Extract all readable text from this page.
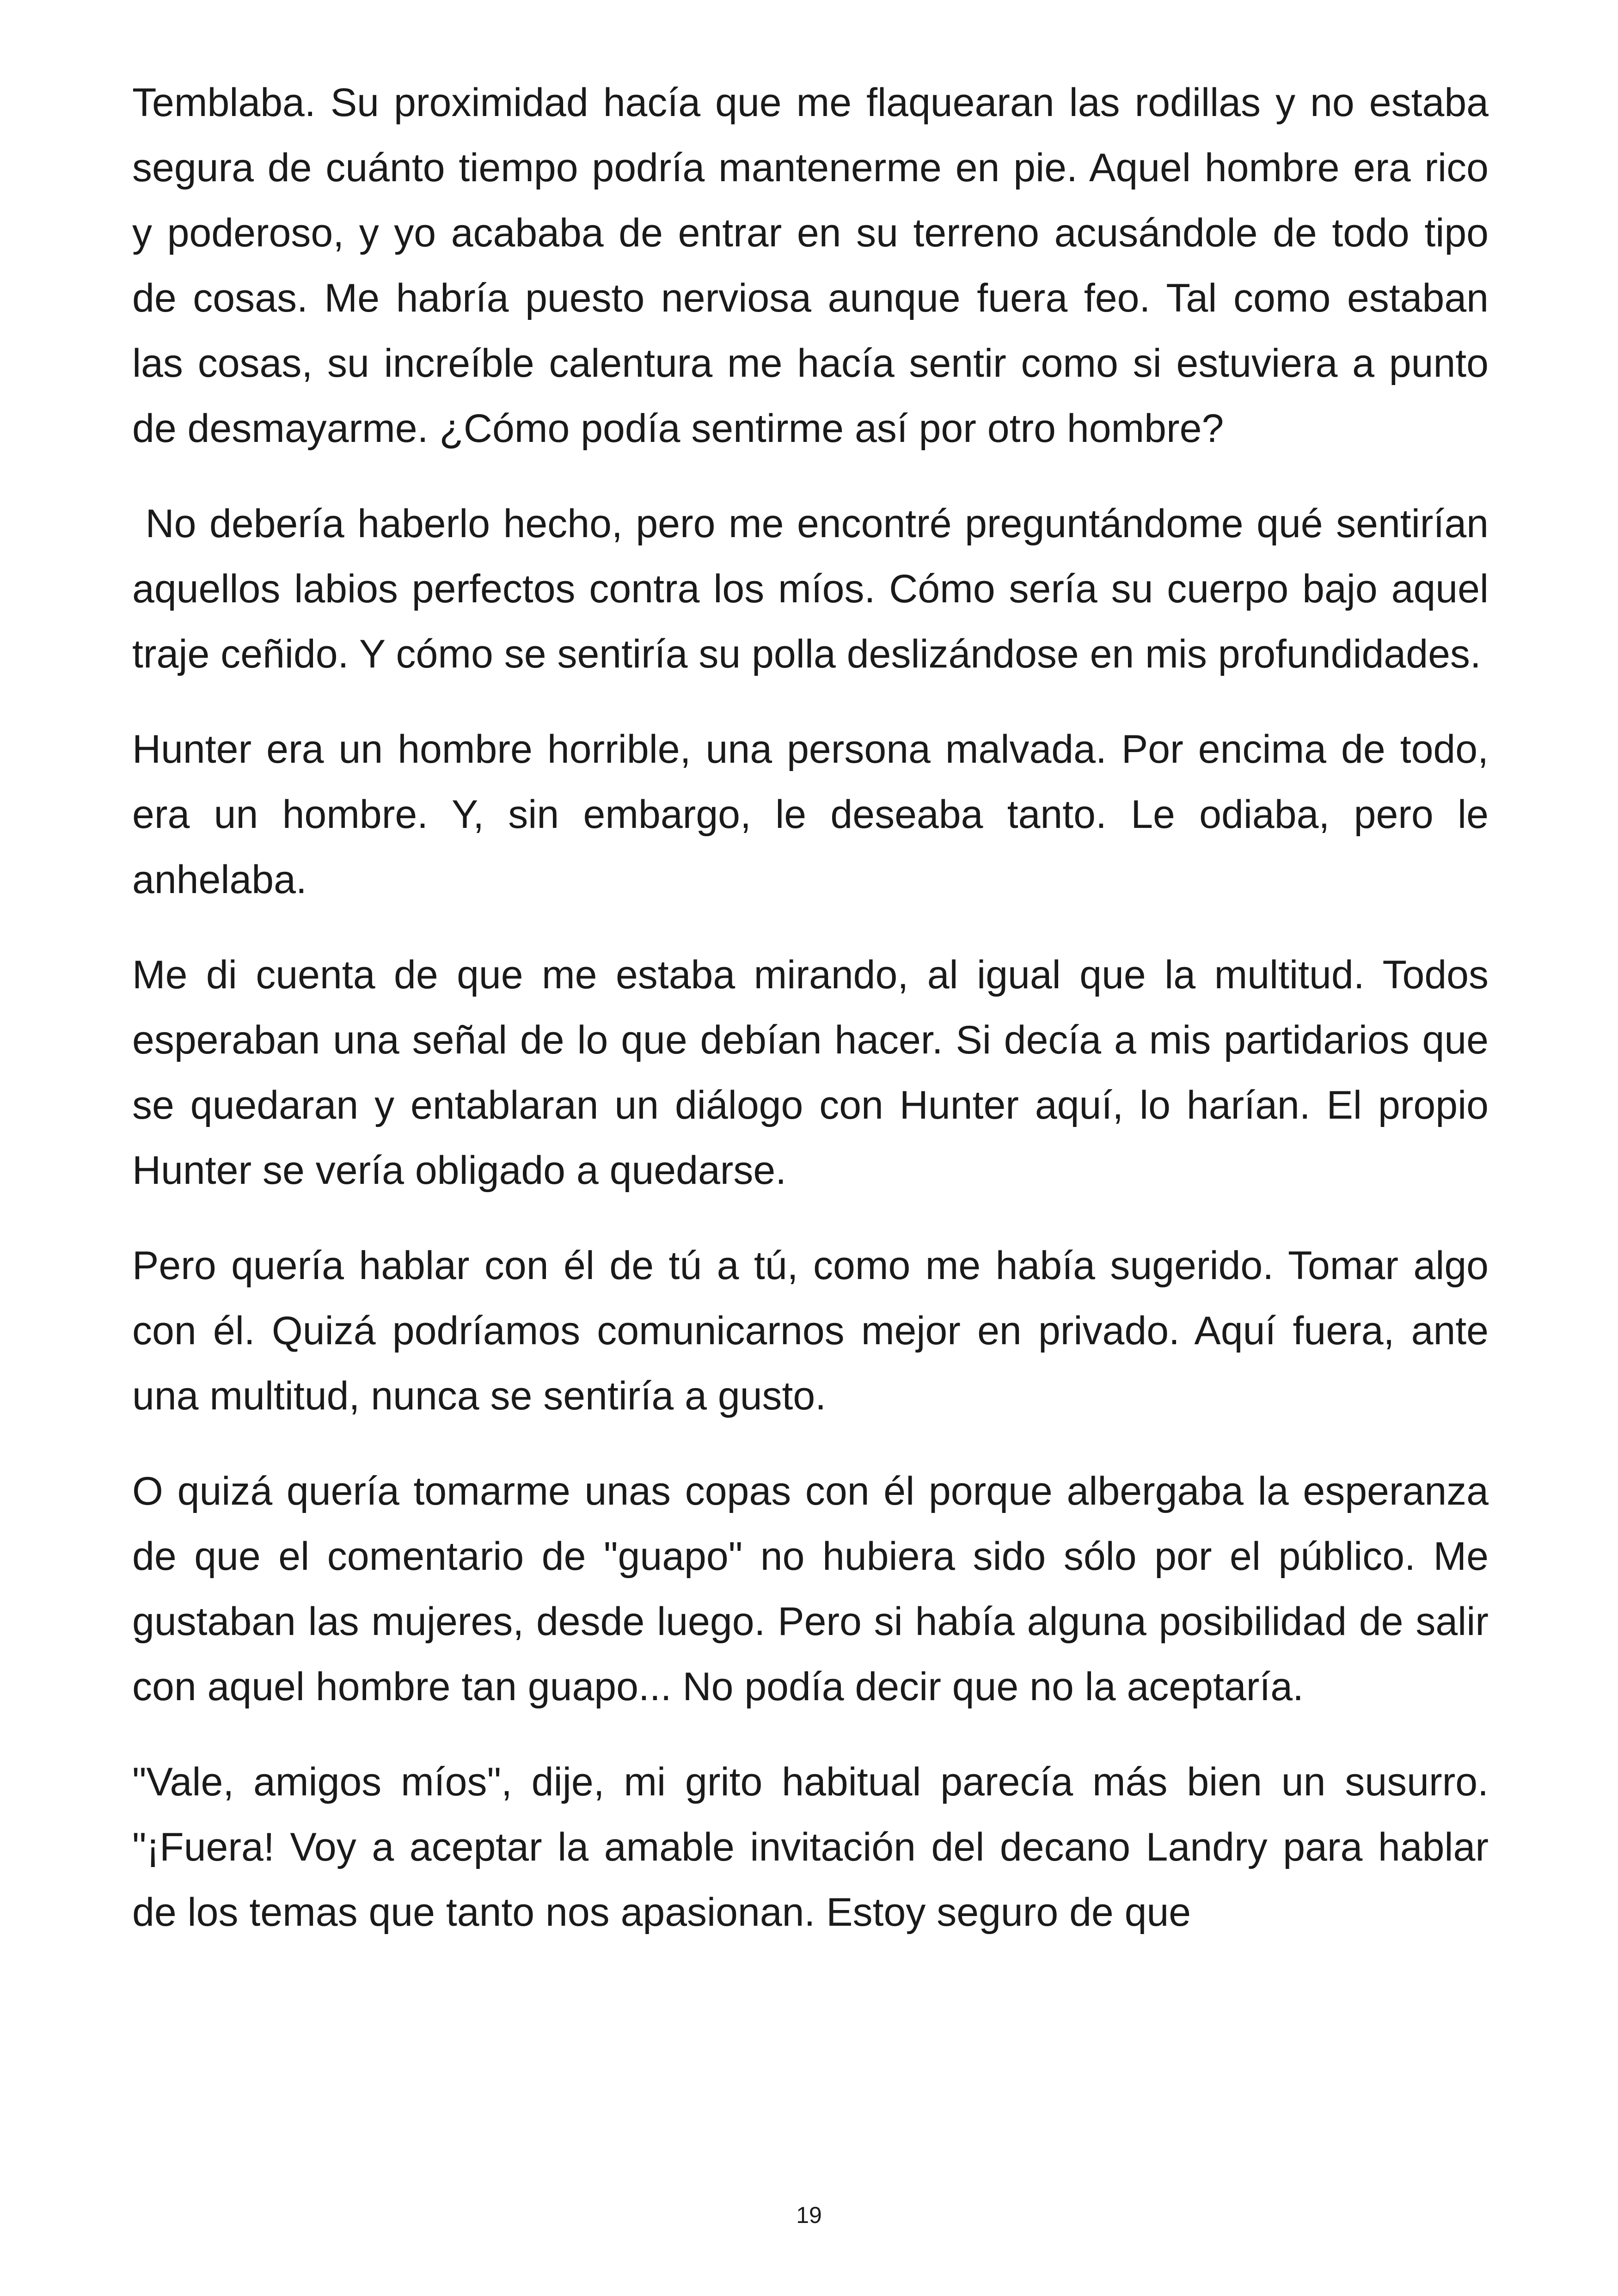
Temblaba. Su proximidad hacía que me flaquearan las rodillas y no estaba segura de cuánto tiempo podría mantenerme en pie. Aquel hombre era rico y poderoso, y yo acababa de entrar en su terreno acusándole de todo tipo de cosas. Me habría puesto nerviosa aunque fuera feo. Tal como estaban las cosas, su increíble calentura me hacía sentir como si estuviera a punto de desmayarme. ¿Cómo podía sentirme así por otro hombre?

No debería haberlo hecho, pero me encontré preguntándome qué sentirían aquellos labios perfectos contra los míos. Cómo sería su cuerpo bajo aquel traje ceñido. Y cómo se sentiría su polla deslizándose en mis profundidades.

Hunter era un hombre horrible, una persona malvada. Por encima de todo, era un hombre. Y, sin embargo, le deseaba tanto. Le odiaba, pero le anhelaba.

Me di cuenta de que me estaba mirando, al igual que la multitud. Todos esperaban una señal de lo que debían hacer. Si decía a mis partidarios que se quedaran y entablaran un diálogo con Hunter aquí, lo harían. El propio Hunter se vería obligado a quedarse.

Pero quería hablar con él de tú a tú, como me había sugerido. Tomar algo con él. Quizá podríamos comunicarnos mejor en privado. Aquí fuera, ante una multitud, nunca se sentiría a gusto.

O quizá quería tomarme unas copas con él porque albergaba la esperanza de que el comentario de "guapo" no hubiera sido sólo por el público. Me gustaban las mujeres, desde luego. Pero si había alguna posibilidad de salir con aquel hombre tan guapo... No podía decir que no la aceptaría.

"Vale, amigos míos", dije, mi grito habitual parecía más bien un susurro. "¡Fuera! Voy a aceptar la amable invitación del decano Landry para hablar de los temas que tanto nos apasionan. Estoy seguro de que

19
